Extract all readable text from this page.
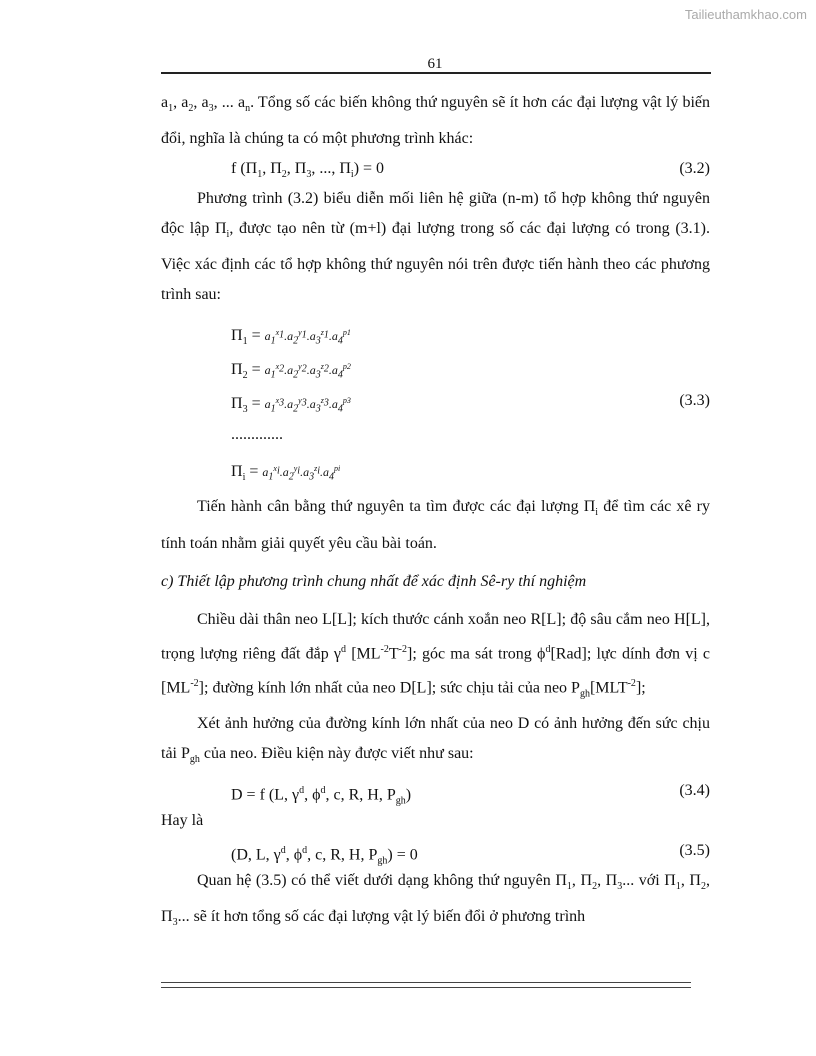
Tailieuthamkhao.com
61

$a_1$, $a_2$, $a_3$, ... $a_n$. Tổng số các biến không thứ nguyên sẽ ít hơn các đại lượng vật lý biến đổi, nghĩa là chúng ta có một phương trình khác:

f ($\Pi_1$, $\Pi_2$, $\Pi_3$, ..., $\Pi_i) = 0$	(3.2)

Phương trình (3.2) biểu diễn mối liên hệ giữa (n-m) tổ hợp không thứ nguyên độc lập $\Pi_i$, được tạo nên từ (m+l) đại lượng trong số các đại lượng có trong (3.1). Việc xác định các tổ hợp không thứ nguyên nói trên được tiến hành theo các phương trình sau:

$\Pi_1 = a_1^{x_1}.a_2^{y_1}.a_3^{z_1}.a_4^{p1}$
$\Pi_2 = a_1^{x_2}.a_2^{y_2}.a_3^{z_2}.a_4^{p2}$
$\Pi_3 = a_1^{x_3}.a_2^{y_3}.a_3^{z_3}.a_4^{p3}$	(3.3)
.............
$\Pi_i = a_1^{x_i}.a_2^{y_i}.a_3^{z_i}.a_4^{pi}$

Tiến hành cân bằng thứ nguyên ta tìm được các đại lượng $\Pi_i$ để tìm các xê ry tính toán nhằm giải quyết yêu cầu bài toán.

c) Thiết lập phương trình chung nhất để xác định Sê-ry thí nghiệm

Chiều dài thân neo L[L]; kích thước cánh xoắn neo R[L]; độ sâu cắm neo H[L], trọng lượng riêng đất đắp $\gamma^d$ $[ML^{-2}T^{-2}]$; góc ma sát trong $\phi^d[Rad]$; lực dính đơn vị c $[ML^{-2}]$; đường kính lớn nhất của neo D[L]; sức chịu tải của neo $P_{gh}[MLT^{-2}]$;

Xét ảnh hưởng của đường kính lớn nhất của neo D có ảnh hưởng đến sức chịu tải $P_{gh}$ của neo. Điều kiện này được viết như sau:

D = f (L, $\gamma^d$, $\phi^d$, c, R, H, $P_{gh}$)	(3.4)

Hay là

(D, L, $\gamma^d$, $\phi^d$, c, R, H, $P_{gh}) = 0$	(3.5)

Quan hệ (3.5) có thể viết dưới dạng không thứ nguyên $\Pi_1$, $\Pi_2$, $\Pi_3$... với $\Pi_1$, $\Pi_2$, $\Pi_3$... sẽ ít hơn tổng số các đại lượng vật lý biến đổi ở phương trình
